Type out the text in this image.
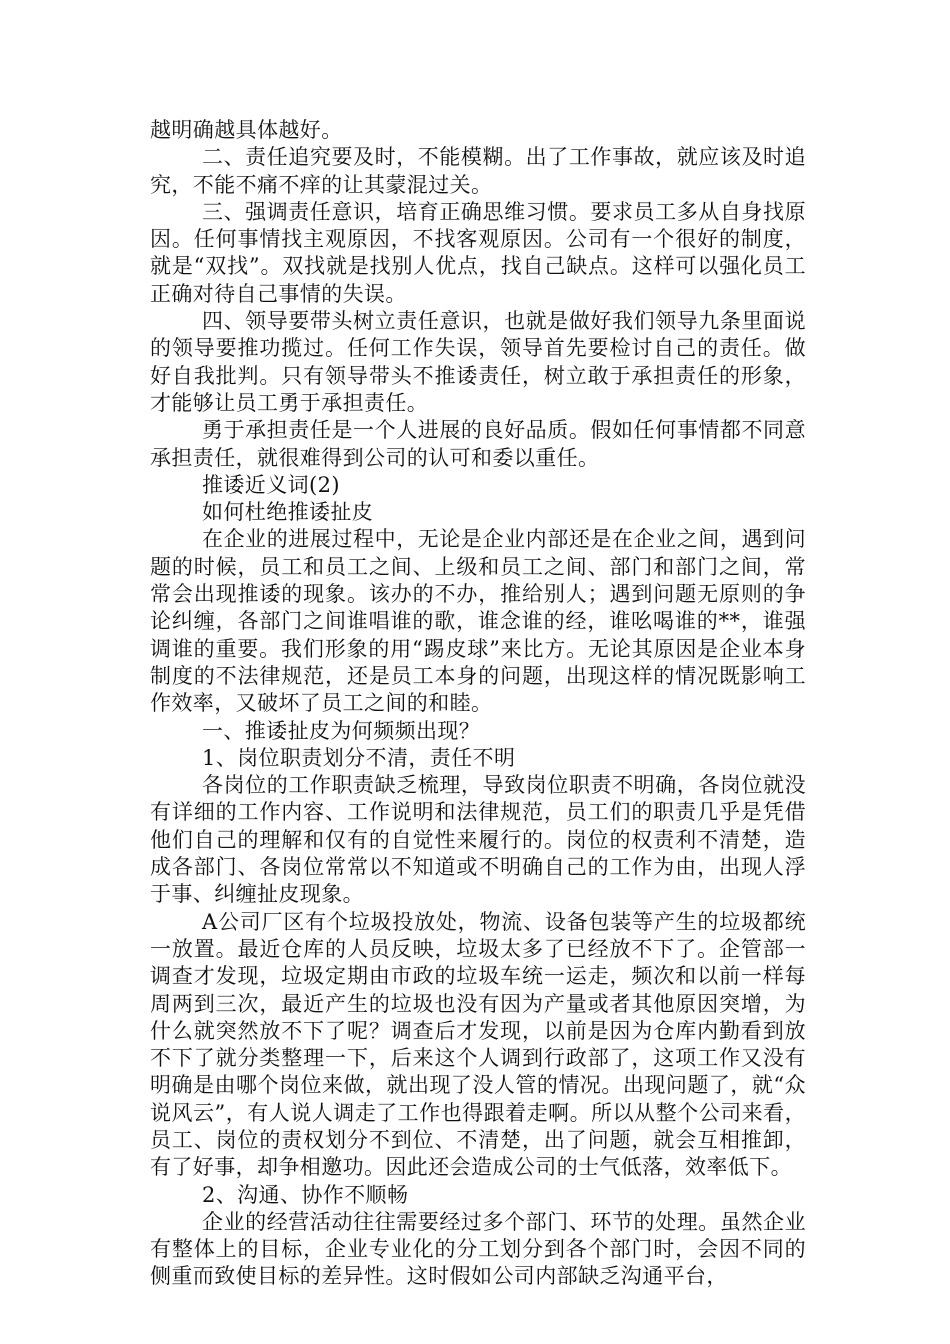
越明确越具体越好。

二、责任追究要及时，不能模糊。出了工作事故，就应该及时追究，不能不痛不痒的让其蒙混过关。

三、强调责任意识，培育正确思维习惯。要求员工多从自身找原因。任何事情找主观原因，不找客观原因。公司有一个很好的制度，就是“双找”。双找就是找别人优点，找自己缺点。这样可以强化员工正确对待自己事情的失误。

四、领导要带头树立责任意识，也就是做好我们领导九条里面说的领导要推功揽过。任何工作失误，领导首先要检讨自己的责任。做好自我批判。只有领导带头不推诿责任，树立敢于承担责任的形象，才能够让员工勇于承担责任。

勇于承担责任是一个人进展的良好品质。假如任何事情都不同意承担责任，就很难得到公司的认可和委以重任。

推诿近义词(2)

如何杜绝推诿扯皮

在企业的进展过程中，无论是企业内部还是在企业之间，遇到问题的时候，员工和员工之间、上级和员工之间、部门和部门之间，常常会出现推诿的现象。该办的不办，推给别人；遇到问题无原则的争论纠缠，各部门之间谁唱谁的歌，谁念谁的经，谁吆喝谁的**，谁强调谁的重要。我们形象的用“踢皮球”来比方。无论其原因是企业本身制度的不法律规范，还是员工本身的问题，出现这样的情况既影响工作效率，又破坏了员工之间的和睦。

一、推诿扯皮为何频频出现？

1、岗位职责划分不清，责任不明

各岗位的工作职责缺乏梳理，导致岗位职责不明确，各岗位就没有详细的工作内容、工作说明和法律规范，员工们的职责几乎是凭借他们自己的理解和仅有的自觉性来履行的。岗位的权责利不清楚，造成各部门、各岗位常常以不知道或不明确自己的工作为由，出现人浮于事、纠缠扯皮现象。

A公司厂区有个垃圾投放处，物流、设备包装等产生的垃圾都统一放置。最近仓库的人员反映，垃圾太多了已经放不下了。企管部一调查才发现，垃圾定期由市政的垃圾车统一运走，频次和以前一样每周两到三次，最近产生的垃圾也没有因为产量或者其他原因突增，为什么就突然放不下了呢？调查后才发现，以前是因为仓库内勤看到放不下了就分类整理一下，后来这个人调到行政部了，这项工作又没有明确是由哪个岗位来做，就出现了没人管的情况。出现问题了，就“众说风云”，有人说人调走了工作也得跟着走啊。所以从整个公司来看，员工、岗位的责权划分不到位、不清楚，出了问题，就会互相推卸，有了好事，却争相邀功。因此还会造成公司的士气低落，效率低下。

2、沟通、协作不顺畅

企业的经营活动往往需要经过多个部门、环节的处理。虽然企业有整体上的目标，企业专业化的分工划分到各个部门时，会因不同的侧重而致使目标的差异性。这时假如公司内部缺乏沟通平台，
